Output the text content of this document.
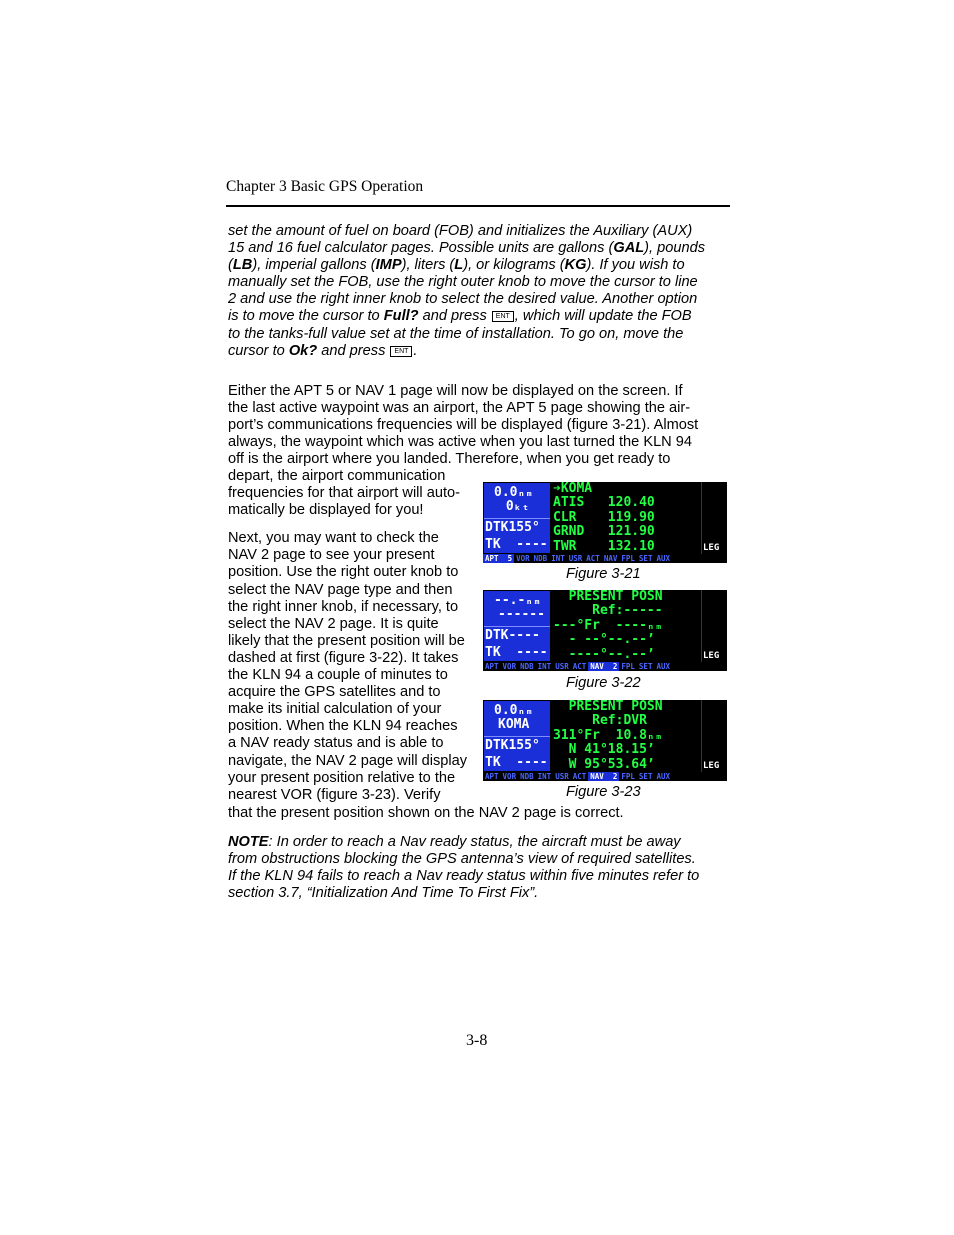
Chapter 3 Basic GPS Operation
set the amount of fuel on board (FOB) and initializes the Auxiliary (AUX)
15 and 16 fuel calculator pages. Possible units are gallons (GAL), pounds
(LB), imperial gallons (IMP), liters (L), or kilograms (KG). If you wish to
manually set the FOB, use the right outer knob to move the cursor to line
2 and use the right inner knob to select the desired value. Another option
is to move the cursor to Full? and press ENT , which will update the FOB
to the tanks-full value set at the time of installation. To go on, move the
cursor to Ok? and press ENT .
Either the APT 5 or NAV 1 page will now be displayed on the screen. If
the last active waypoint was an airport, the APT 5 page showing the air-
port’s communications frequencies will be displayed (figure 3-21). Almost
always, the waypoint which was active when you last turned the KLN 94
off is the airport where you landed. Therefore, when you get ready to
depart, the airport communication
frequencies for that airport will auto-
matically be displayed for you!
Next, you may want to check the
NAV 2 page to see your present
position. Use the right outer knob to
select the NAV page type and then
the right inner knob, if necessary, to
select the NAV 2 page. It is quite
likely that the present position will be
dashed at first (figure 3-22). It takes
the KLN 94 a couple of minutes to
acquire the GPS satellites and to
make its initial calculation of your
position. When the KLN 94 reaches
a NAV ready status and is able to
navigate, the NAV 2 page will display
your present position relative to the
nearest VOR (figure 3-23). Verify
that the present position shown on the NAV 2 page is correct.
NOTE: In order to reach a Nav ready status, the aircraft must be away
from obstructions blocking the GPS antenna’s view of required satellites.
If the KLN 94 fails to reach a Nav ready status within five minutes refer to
section 3.7, “Initialization And Time To First Fix”.
0.0ₙₘ
0ₖₜ
DTK155°
TK  ----
➔KOMA
ATIS   120.40
CLR    119.90
GRND   121.90
TWR    132.10	LEG
APT  5 VOR NDB INT USR ACT NAV FPL SET AUX
Figure 3-21
--.-ₙₘ
------
DTK----
TK  ----
PRESENT POSN
Ref:-----
---°Fr  ----ₙₘ
- --°--.--’
----°--.--’	LEG
APT VOR NDB INT USR ACT NAV  2 FPL SET AUX
Figure 3-22
0.0ₙₘ
KOMA
DTK155°
TK  ----
PRESENT POSN
Ref:DVR
311°Fr  10.8ₙₘ
N 41°18.15’
W 95°53.64’	LEG
APT VOR NDB INT USR ACT NAV  2 FPL SET AUX
Figure 3-23
3-8
